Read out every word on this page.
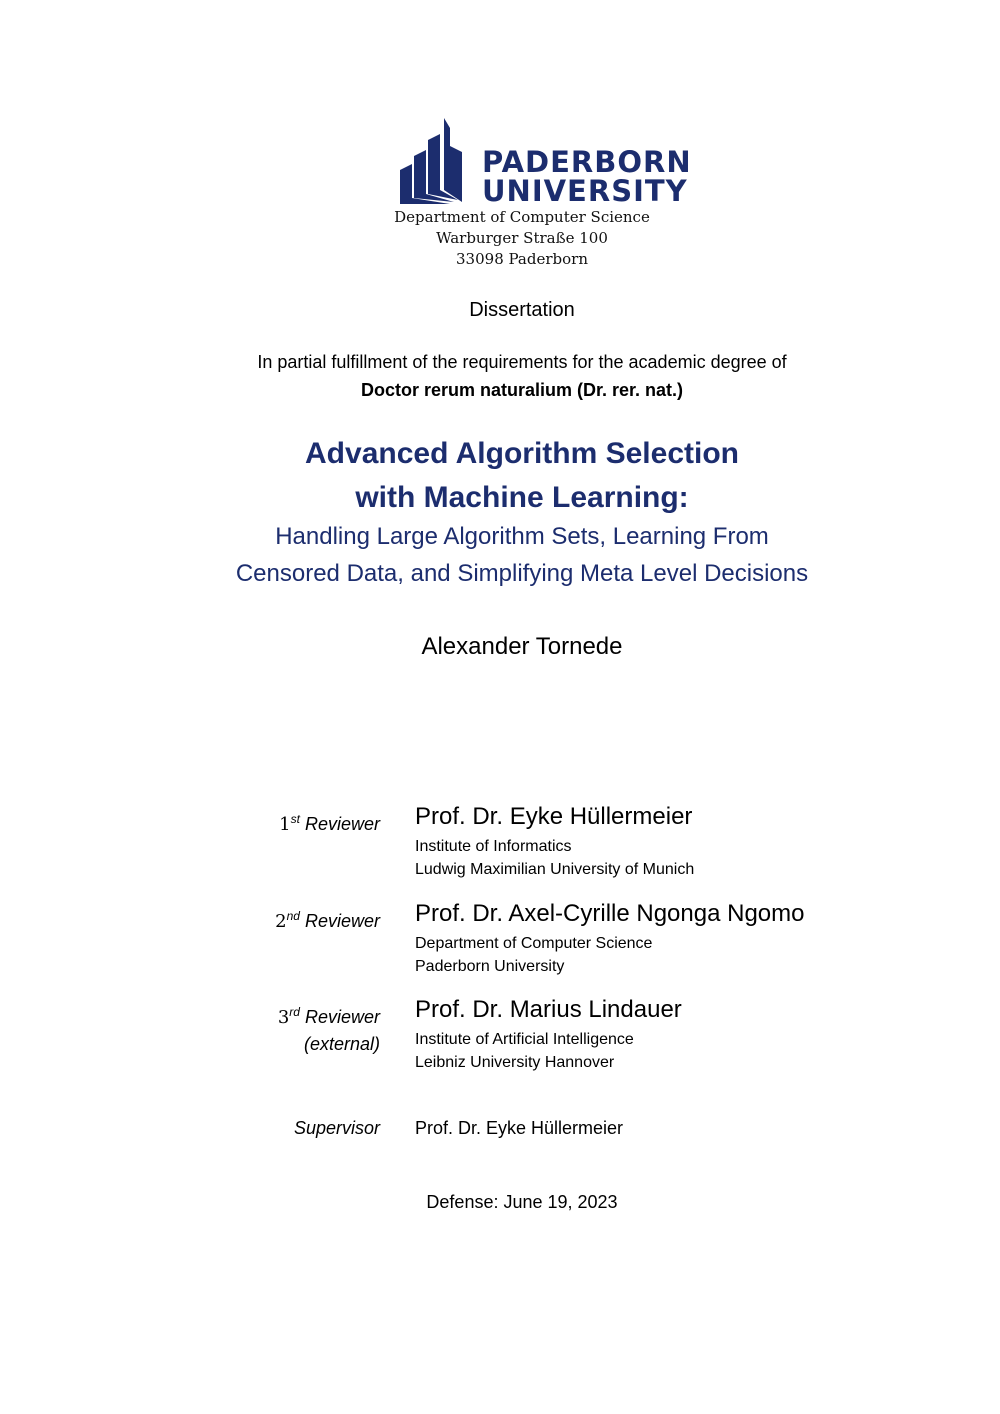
PADERBORN
UNIVERSITY
Department of Computer Science
Warburger Straße 100
33098 Paderborn
Dissertation
In partial fulfillment of the requirements for the academic degree of
Doctor rerum naturalium (Dr. rer. nat.)
Advanced Algorithm Selection
with Machine Learning:
Handling Large Algorithm Sets, Learning From
Censored Data, and Simplifying Meta Level Decisions
Alexander Tornede
1st Reviewer Prof. Dr. Eyke Hüllermeier
Institute of Informatics
Ludwig Maximilian University of Munich
2nd Reviewer Prof. Dr. Axel-Cyrille Ngonga Ngomo
Department of Computer Science
Paderborn University
3rd Reviewer
(external)
Prof. Dr. Marius Lindauer
Institute of Artificial Intelligence
Leibniz University Hannover
Supervisor Prof. Dr. Eyke Hüllermeier
Defense: June 19, 2023
